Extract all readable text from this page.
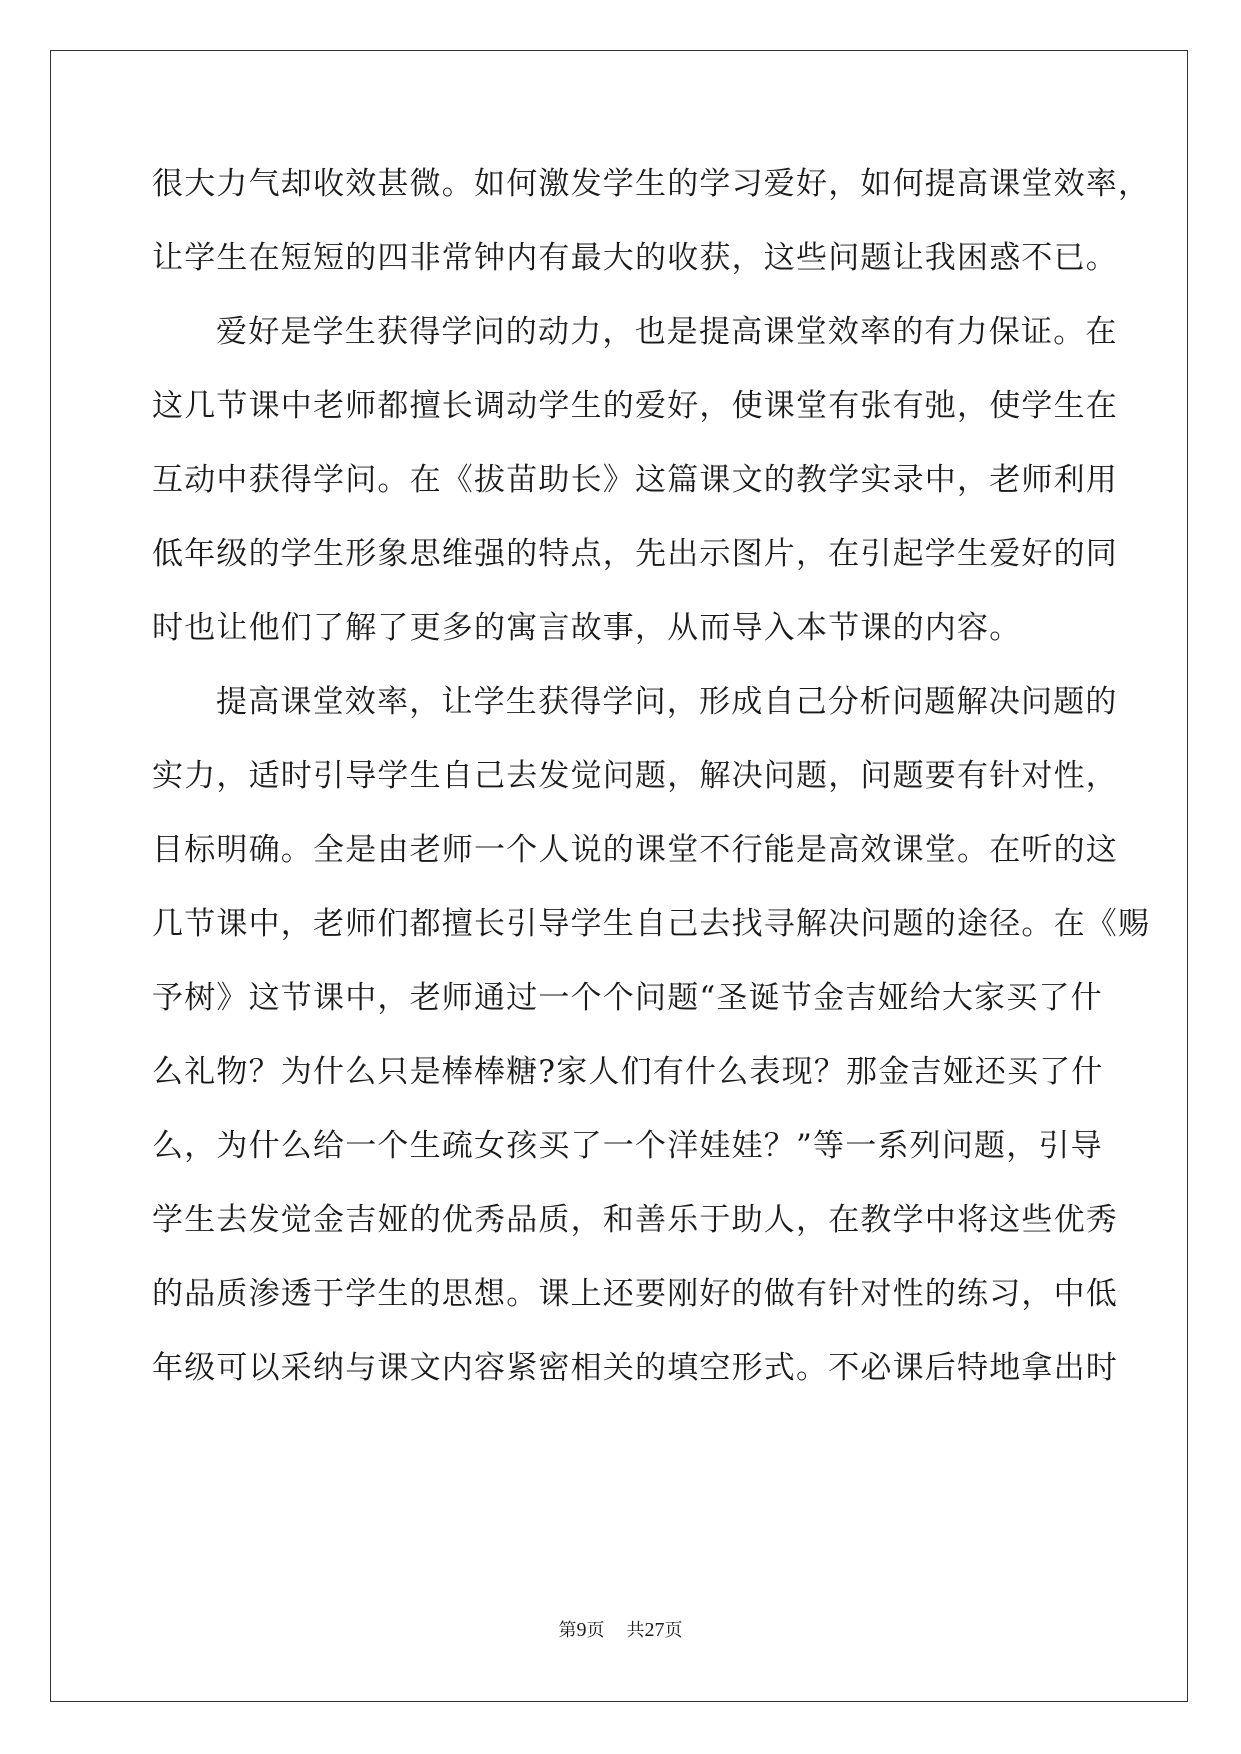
很大力气却收效甚微。如何激发学生的学习爱好，如何提高课堂效率，
让学生在短短的四非常钟内有最大的收获，这些问题让我困惑不已。
爱好是学生获得学问的动力，也是提高课堂效率的有力保证。在
这几节课中老师都擅长调动学生的爱好，使课堂有张有弛，使学生在
互动中获得学问。在《拔苗助长》这篇课文的教学实录中，老师利用
低年级的学生形象思维强的特点，先出示图片，在引起学生爱好的同
时也让他们了解了更多的寓言故事，从而导入本节课的内容。
提高课堂效率，让学生获得学问，形成自己分析问题解决问题的
实力，适时引导学生自己去发觉问题，解决问题，问题要有针对性，
目标明确。全是由老师一个人说的课堂不行能是高效课堂。在听的这
几节课中，老师们都擅长引导学生自己去找寻解决问题的途径。在《赐
予树》这节课中，老师通过一个个问题“圣诞节金吉娅给大家买了什
么礼物？为什么只是棒棒糖?家人们有什么表现？那金吉娅还买了什
么，为什么给一个生疏女孩买了一个洋娃娃？”等一系列问题，引导
学生去发觉金吉娅的优秀品质，和善乐于助人，在教学中将这些优秀
的品质渗透于学生的思想。课上还要刚好的做有针对性的练习，中低
年级可以采纳与课文内容紧密相关的填空形式。不必课后特地拿出时
第9页 共27页
